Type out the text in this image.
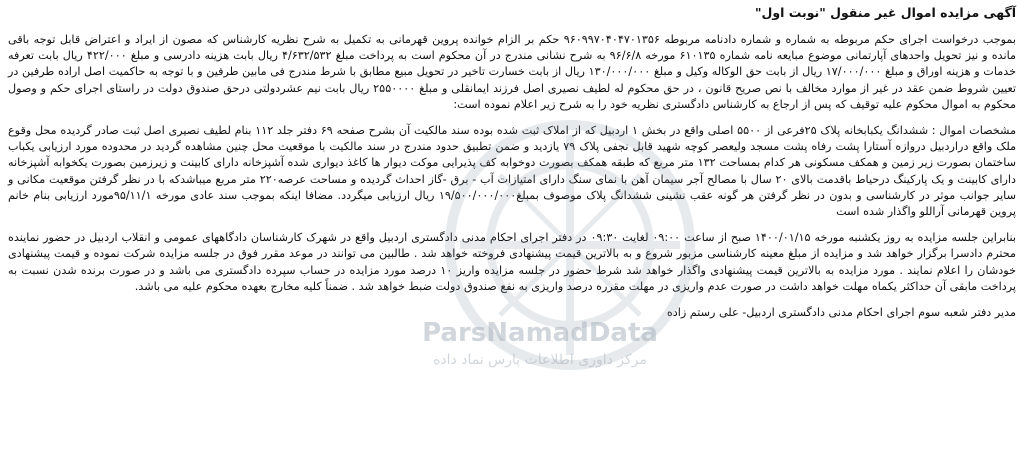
آگهی مزایده اموال غیر منقول "نوبت اول"

بموجب درخواست اجرای حکم مربوطه به شماره و شماره دادنامه مربوطه ۹۶۰۹۹۷۰۴۰۴۷۰۱۳۵۶ حکم بر الزام خوانده پروین قهرمانی به تکمیل به شرح نظریه کارشناس که مصون از ایراد و اعتراض قابل توجه باقی مانده و نیز تحویل واحدهای آپارتمانی موضوع مبایعه نامه شماره ۶۱۰۱۳۵ مورخه ۹۶/۶/۸ به شرح نشانی مندرج در آن محکوم است به پرداخت مبلغ ۴/۶۳۲/۵۳۲ ریال بابت هزینه دادرسی و مبلغ ۴۲۲/۰۰۰ ریال بابت تعرفه خدمات و هزینه اوراق و مبلغ ۱۷/۰۰۰/۰۰۰ ریال از بابت حق الوکاله وکیل و مبلغ ۱۳۰/۰۰۰/۰۰۰ ریال از بابت خسارت تاخیر در تحویل مبیع مطابق با شرط مندرج فی مابین طرفین و با توجه به حاکمیت اصل اراده طرفین در تعیین شروط ضمن عقد در غیر از موارد مخالف با نص صریح قانون ، در حق محکوم له لطیف نصیری اصل فرزند ایمانقلی و مبلغ ۲۵۵۰۰۰۰ ریال بابت نیم عشردولتی درحق صندوق دولت در راستای اجرای حکم و وصول محکوم به اموال محکوم علیه توقیف که پس از ارجاع به کارشناس دادگستری نظریه خود را به شرح زیر اعلام نموده است:

مشخصات اموال : ششدانگ یکبابخانه پلاک ۲۵فرعی از ۵۵۰۰ اصلی واقع در بخش ۱ اردبیل که از املاک ثبت شده بوده سند مالکیت آن بشرح صفحه ۶۹ دفتر جلد ۱۱۲ بنام لطیف نصیری اصل ثبت صادر گردیده محل وقوع ملک واقع دراردبیل دروازه آستارا پشت رفاه پشت مسجد ولیعصر کوچه شهید قابل نجفی پلاک ۷۹ یازدید و ضمن تطبیق حدود مندرج در سند مالکیت با موقعیت محل چنین مشاهده گردید در محدوده مورد ارزیابی یکباب ساختمان بصورت زیر زمین و همکف مسکونی هر کدام بمساحت ۱۳۲ متر مربع که طبقه همکف بصورت دوخوابه کف پذیرایی موکت دیوار ها کاغذ دیواری شده آشپزخانه دارای کابینت و زیرزمین بصورت یکخوابه آشپزخانه دارای کابینت و یک پارکینگ درحیاط باقدمت بالای ۲۰ سال با مصالح آجر سیمان آهن با نمای سنگ دارای امتیازات آب - برق -گاز احداث گردیده و مساحت عرصه۲۲۰ متر مربع میباشدکه با در نظر گرفتن موقعیت مکانی و سایر جوانب موثر در کارشناسی و بدون در نظر گرفتن هر گونه عقب نشینی ششدانگ پلاک موصوف بمبلغ۱۹/۵۰۰/۰۰۰/۰۰۰ ریال ارزیابی میگردد. مضافا اینکه بموجب سند عادی مورخه ۹۵/۱۱/۱مورد ارزیابی بنام خانم پروین قهرمانی آراللو واگذار شده است

بنابراین جلسه مزایده به روز یکشنبه مورخه ۱۴۰۰/۰۱/۱۵ صبح از ساعت ۰۹:۰۰ لغایت ۰۹:۳۰ در دفتر اجرای احکام مدنی دادگستری اردبیل واقع در شهرک کارشناسان دادگاههای عمومی و انقلاب اردبیل در حضور نماینده محترم دادسرا برگزار خواهد شد و مزایده از مبلغ معینه کارشناسی مزبور شروع و به بالاترین قیمت پیشنهادی فروخته خواهد شد . طالبین می توانند در موعد مقرر فوق در جلسه مزایده شرکت نموده و قیمت پیشنهادی خودشان را اعلام نمایند . مورد مزایده به بالاترین قیمت پیشنهادی واگذار خواهد شد شرط حضور در جلسه مزایده واریز ۱۰ درصد مورد مزایده در حساب سپرده دادگستری می باشد و در صورت برنده شدن نسبت به پرداخت مابقی آن حداکثر یکماه مهلت خواهد داشت در صورت عدم واریزی در مهلت مقرره درصد واریزی به نفع صندوق دولت ضبط خواهد شد . ضمناً کلیه مخارج بعهده محکوم علیه می باشد.

مدیر دفتر شعبه سوم اجرای احکام مدنی دادگستری اردبیل- علی رستم زاده
ParsNamadData
مرکز داوری اطلاعات پارس نماد داده
